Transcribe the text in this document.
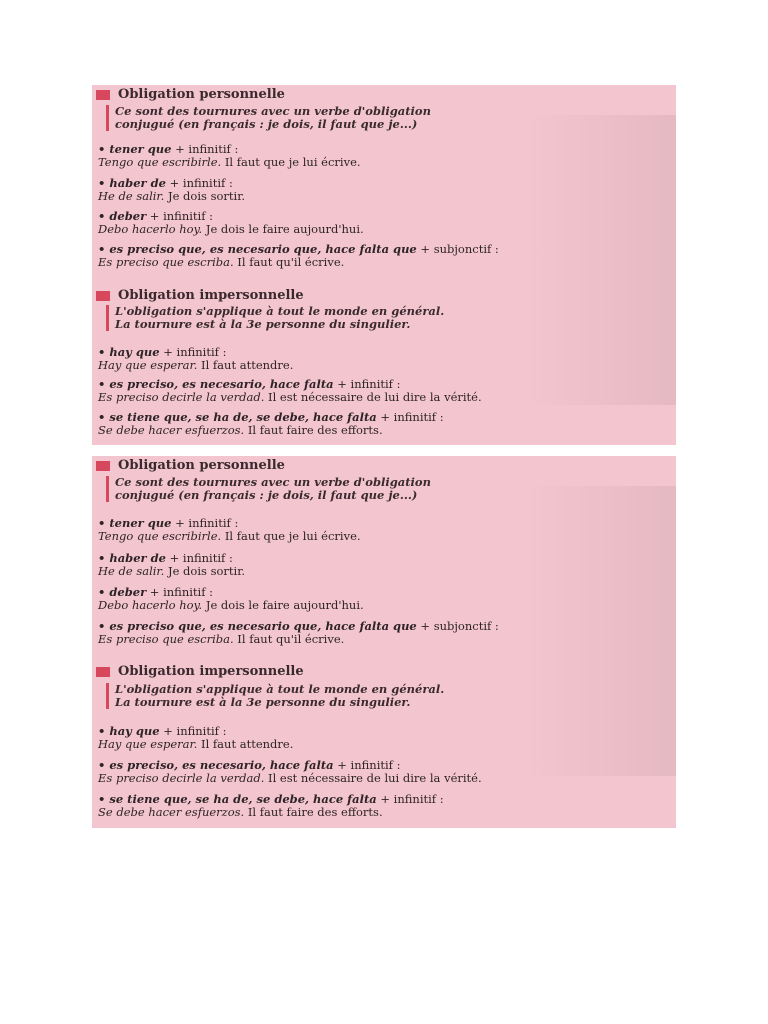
Obligation personnelle
Ce sont des tournures avec un verbe d'obligation
conjugué (en français : je dois, il faut que je...)
• tener que + infinitif :
Tengo que escribirle. Il faut que je lui écrive.
• haber de + infinitif :
He de salir. Je dois sortir.
• deber + infinitif :
Debo hacerlo hoy. Je dois le faire aujourd'hui.
• es preciso que, es necesario que, hace falta que + subjonctif :
Es preciso que escriba. Il faut qu'il écrive.
Obligation impersonnelle
L'obligation s'applique à tout le monde en général.
La tournure est à la 3e personne du singulier.
• hay que + infinitif :
Hay que esperar. Il faut attendre.
• es preciso, es necesario, hace falta + infinitif :
Es preciso decirle la verdad. Il est nécessaire de lui dire la vérité.
• se tiene que, se ha de, se debe, hace falta + infinitif :
Se debe hacer esfuerzos. Il faut faire des efforts.
Obligation personnelle
Ce sont des tournures avec un verbe d'obligation
conjugué (en français : je dois, il faut que je...)
• tener que + infinitif :
Tengo que escribirle. Il faut que je lui écrive.
• haber de + infinitif :
He de salir. Je dois sortir.
• deber + infinitif :
Debo hacerlo hoy. Je dois le faire aujourd'hui.
• es preciso que, es necesario que, hace falta que + subjonctif :
Es preciso que escriba. Il faut qu'il écrive.
Obligation impersonnelle
L'obligation s'applique à tout le monde en général.
La tournure est à la 3e personne du singulier.
• hay que + infinitif :
Hay que esperar. Il faut attendre.
• es preciso, es necesario, hace falta + infinitif :
Es preciso decirle la verdad. Il est nécessaire de lui dire la vérité.
• se tiene que, se ha de, se debe, hace falta + infinitif :
Se debe hacer esfuerzos. Il faut faire des efforts.
